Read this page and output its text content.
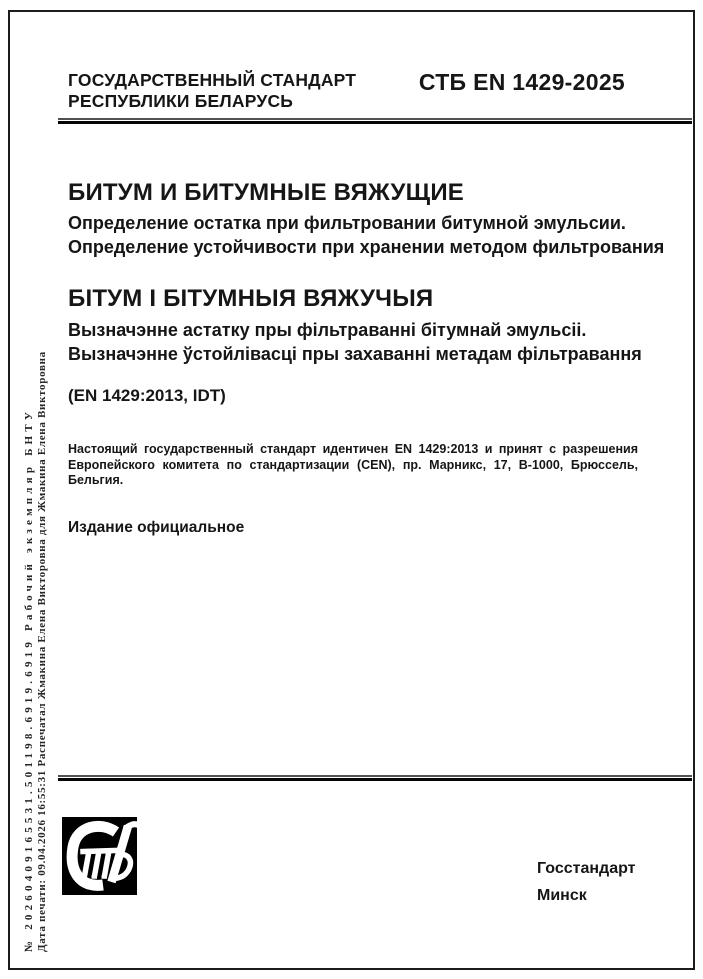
ГОСУДАРСТВЕННЫЙ СТАНДАРТ
РЕСПУБЛИКИ БЕЛАРУСЬ
СТБ EN 1429-2025
БИТУМ И БИТУМНЫЕ ВЯЖУЩИЕ
Определение остатка при фильтровании битумной эмульсии.
Определение устойчивости при хранении методом фильтрования
БІТУМ І БІТУМНЫЯ ВЯЖУЧЫЯ
Вызначэнне астатку пры фільтраванні бітумнай эмульсіі.
Вызначэнне ўстойлівасці пры захаванні метадам фільтравання
(EN 1429:2013, IDT)
Настоящий государственный стандарт идентичен EN 1429:2013 и принят с разрешения Европейского комитета по стандартизации (CEN), пр. Марникс, 17, B-1000, Брюссель, Бельгия.
Издание официальное
№ 20260409165531.501198.6919.6919 Рабочий экземпляр БНТУ Дата печати: 09.04.2026 16:55:31 Распечатал Жмакина Елена Викторовна для Жмакина Елена Викторовна	Госстандарт
Минск
